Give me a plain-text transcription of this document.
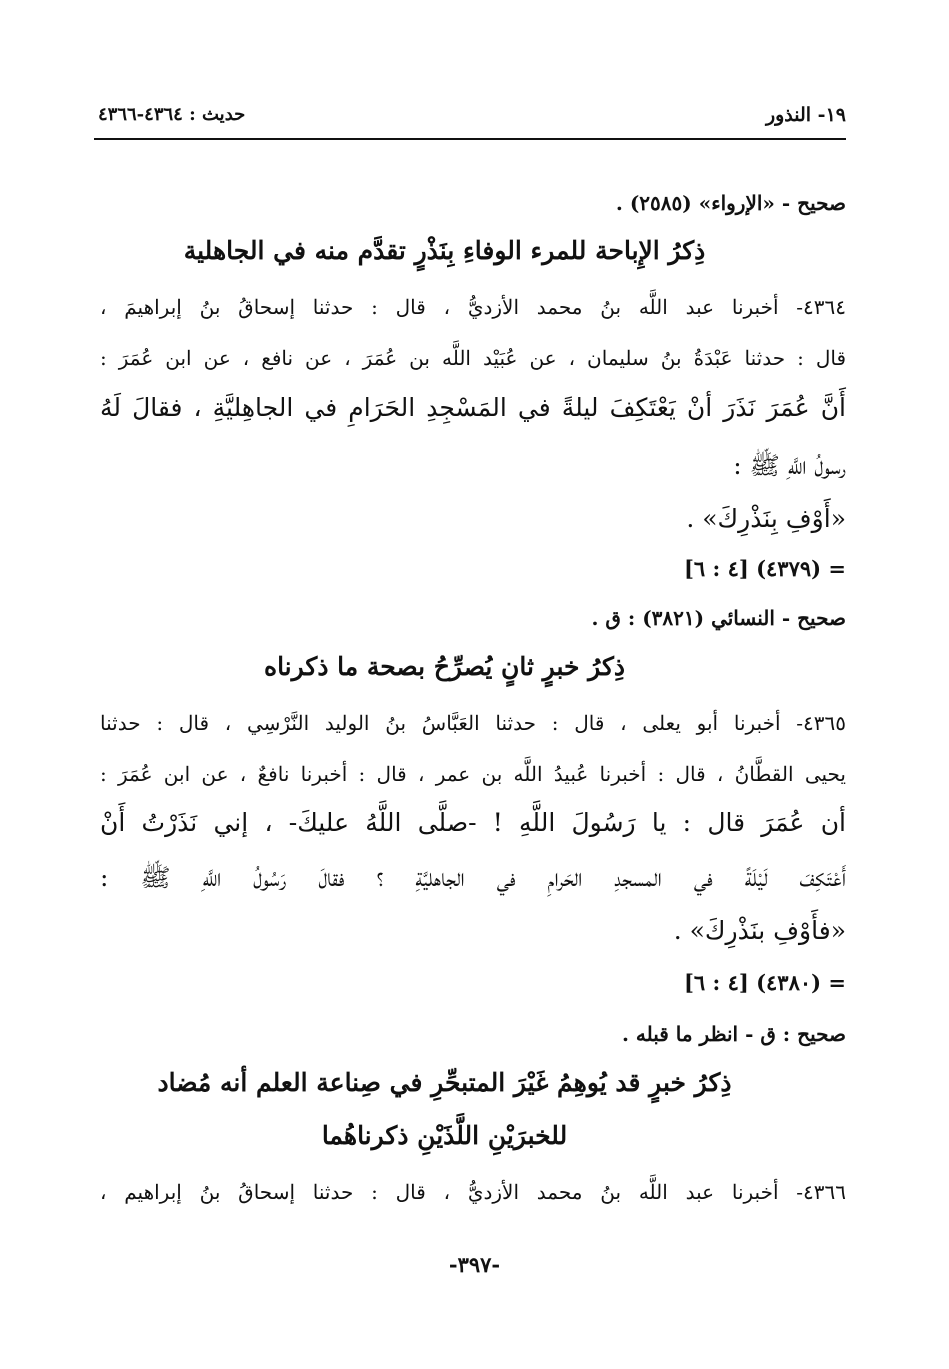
١٩- النذور
حديث : ٤٣٦٤-٤٣٦٦
صحيح - «الإرواء» (٢٥٨٥) .
ذِكرُ الإِباحة للمرء الوفاءِ بِنَذْرٍ تقدَّم منه في الجاهلية
٤٣٦٤- أخبرنا عبد اللَّه بنُ محمد الأزديُّ ، قال : حدثنا إسحاقُ بنُ إبراهيمَ ،
قال : حدثنا عَبْدَةُ بنُ سليمان ، عن عُبَيْد اللَّه بن عُمَرَ ، عن نافع ، عن ابن عُمَرَ :
أَنَّ عُمَرَ نَذَرَ أنْ يَعْتَكِفَ ليلةً في المَسْجِدِ الحَرَامِ في الجاهِليَّةِ ، فقالَ لَهُ
رسولُ اللَّهِ ﷺ :
«أَوْفِ بِنَذْرِكَ» .
= (٤٣٧٩) [٤ : ٦]
صحيح - النسائي (٣٨٢١) : ق .
ذِكرُ خبرٍ ثانٍ يُصرِّحُ بصحة ما ذكرناه
٤٣٦٥- أخبرنا أبو يعلى ، قال : حدثنا العَبَّاسُ بنُ الوليد النَّرْسِي ، قال : حدثنا
يحيى القطَّانُ ، قال : أخبرنا عُبيدُ اللَّه بن عمر ، قال : أخبرنا نافعٌ ، عن ابن عُمَرَ :
أن عُمَرَ قال : يا رَسُولَ اللَّهِ ! -صلَّى اللَّهُ عليكَ- ، إني نَذَرْتُ أَنْ
أَعْتَكِفَ لَيْلَةً في المسجدِ الحَرامِ في الجاهليَّةِ ؟ فقالَ رَسُولُ اللَّهِ ﷺ :
«فأَوْفِ بنَذْرِكَ» .
= (٤٣٨٠) [٤ : ٦]
صحيح : ق - انظر ما قبله .
ذِكرُ خبرٍ قد يُوهِمُ غَيْرَ المتبحِّرِ في صِناعة العلم أنه مُضاد
للخبرَيْنِ اللَّذَيْنِ ذكرناهُما
٤٣٦٦- أخبرنا عبد اللَّه بنُ محمد الأزديُّ ، قال : حدثنا إسحاقُ بنُ إبراهيم ،
-٣٩٧-
